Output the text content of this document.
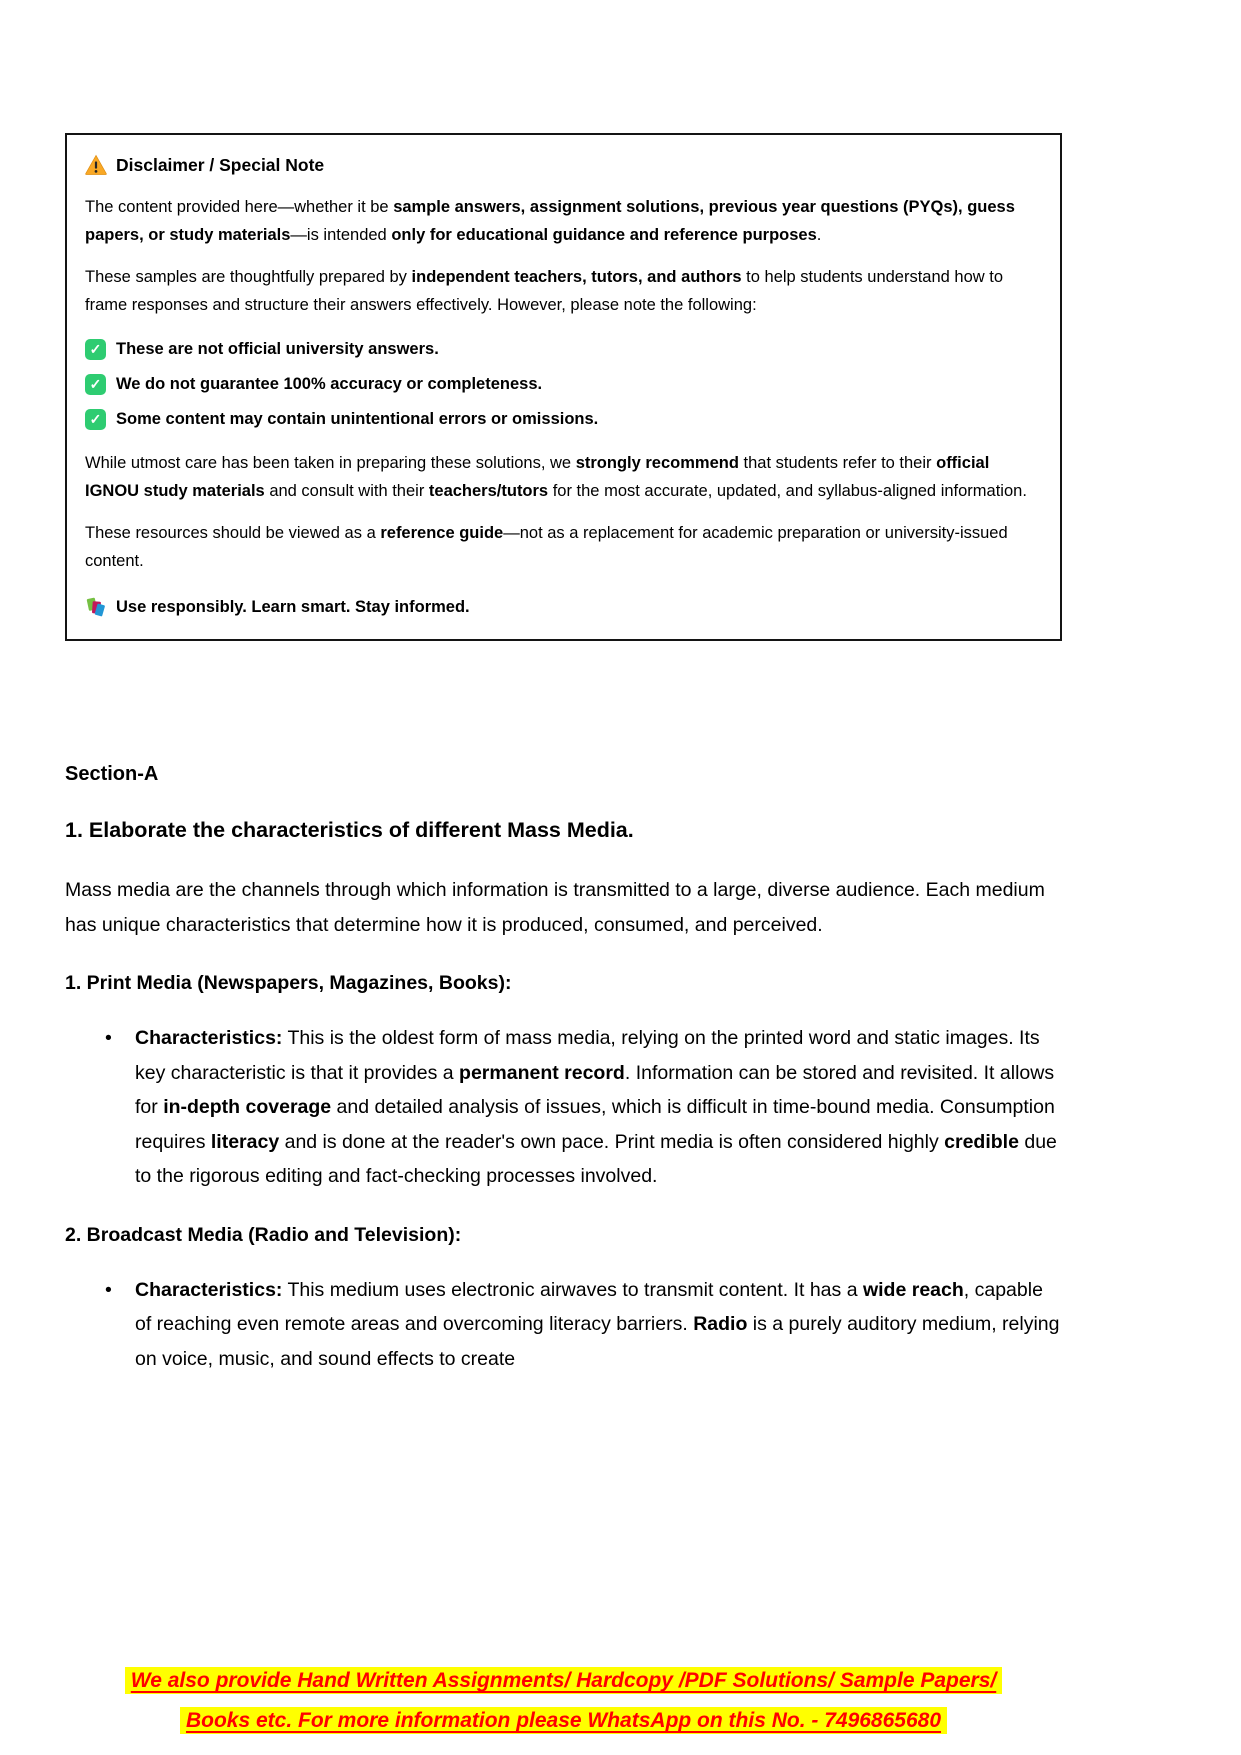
Disclaimer / Special Note

The content provided here—whether it be sample answers, assignment solutions, previous year questions (PYQs), guess papers, or study materials—is intended only for educational guidance and reference purposes.

These samples are thoughtfully prepared by independent teachers, tutors, and authors to help students understand how to frame responses and structure their answers effectively. However, please note the following:

✓ These are not official university answers.
✓ We do not guarantee 100% accuracy or completeness.
✓ Some content may contain unintentional errors or omissions.

While utmost care has been taken in preparing these solutions, we strongly recommend that students refer to their official IGNOU study materials and consult with their teachers/tutors for the most accurate, updated, and syllabus-aligned information.

These resources should be viewed as a reference guide—not as a replacement for academic preparation or university-issued content.

Use responsibly. Learn smart. Stay informed.
Section-A
1. Elaborate the characteristics of different Mass Media.

Mass media are the channels through which information is transmitted to a large, diverse audience. Each medium has unique characteristics that determine how it is produced, consumed, and perceived.

1. Print Media (Newspapers, Magazines, Books):
• Characteristics: This is the oldest form of mass media, relying on the printed word and static images. Its key characteristic is that it provides a permanent record. Information can be stored and revisited. It allows for in-depth coverage and detailed analysis of issues, which is difficult in time-bound media. Consumption requires literacy and is done at the reader's own pace. Print media is often considered highly credible due to the rigorous editing and fact-checking processes involved.
2. Broadcast Media (Radio and Television):
• Characteristics: This medium uses electronic airwaves to transmit content. It has a wide reach, capable of reaching even remote areas and overcoming literacy barriers. Radio is a purely auditory medium, relying on voice, music, and sound effects to create
We also provide Hand Written Assignments/ Hardcopy /PDF Solutions/ Sample Papers/
Books etc. For more information please WhatsApp on this No. - 7496865680
